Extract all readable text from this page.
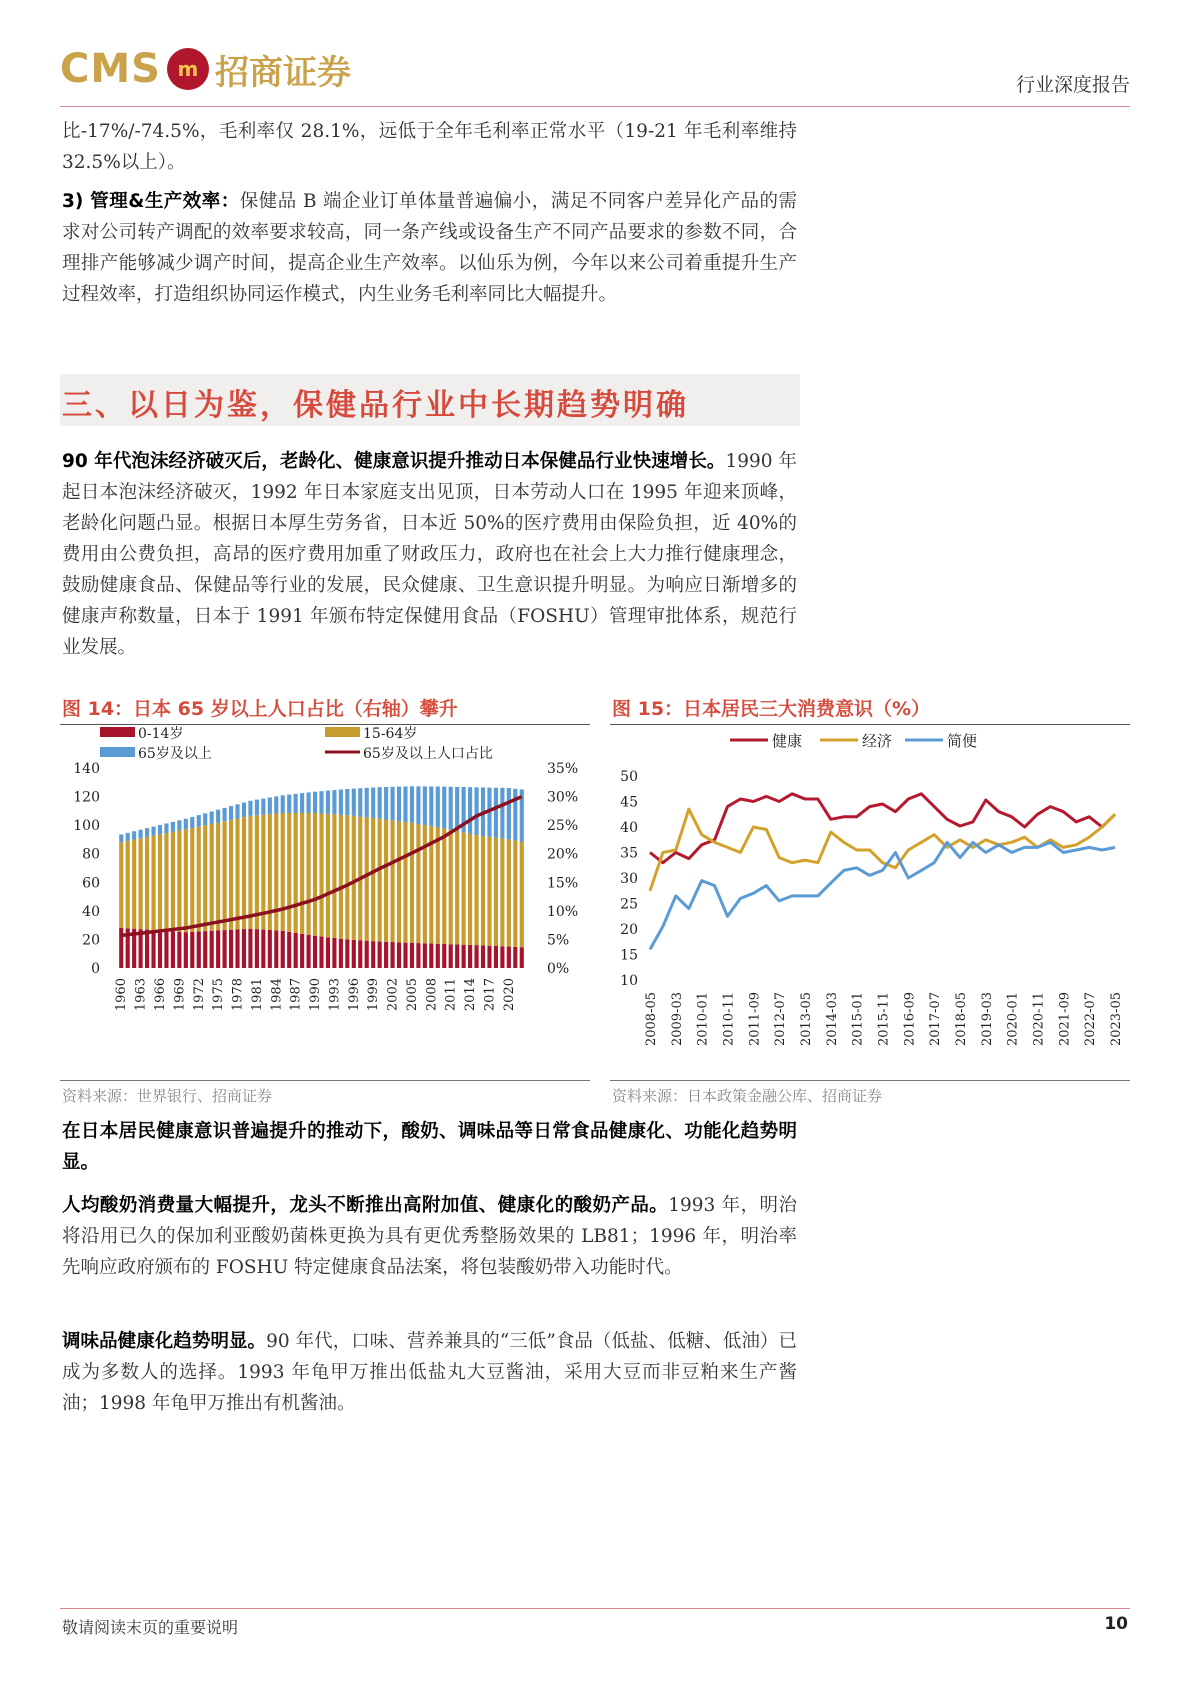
CMS m 招商证券	行业深度报告
比-17%/-74.5%，毛利率仅 28.1%，远低于全年毛利率正常水平（19-21 年毛利率维持 32.5%以上）。
3) 管理&生产效率：保健品 B 端企业订单体量普遍偏小，满足不同客户差异化产品的需求对公司转产调配的效率要求较高，同一条产线或设备生产不同产品要求的参数不同，合理排产能够减少调产时间，提高企业生产效率。以仙乐为例，今年以来公司着重提升生产过程效率，打造组织协同运作模式，内生业务毛利率同比大幅提升。
三、以日为鉴，保健品行业中长期趋势明确
90 年代泡沫经济破灭后，老龄化、健康意识提升推动日本保健品行业快速增长。1990 年起日本泡沫经济破灭，1992 年日本家庭支出见顶，日本劳动人口在 1995 年迎来顶峰，老龄化问题凸显。根据日本厚生劳务省，日本近 50%的医疗费用由保险负担，近 40%的费用由公费负担，高昂的医疗费用加重了财政压力，政府也在社会上大力推行健康理念，鼓励健康食品、保健品等行业的发展，民众健康、卫生意识提升明显。为响应日渐增多的健康声称数量，日本于 1991 年颁布特定保健用食品（FOSHU）管理审批体系，规范行业发展。
图 14：日本 65 岁以上人口占比（右轴）攀升
0-14岁	15-64岁
65岁及以上	65岁及以上人口占比
0
20
40
60
80
100
120
140
0%
5%
10%
15%
20%
25%
30%
35%
1960 1963 1966 1969 1972 1975 1978 1981 1984 1987 1990 1993 1996 1999 2002 2005 2008 2011 2014 2017 2020
资料来源：世界银行、招商证券
图 15：日本居民三大消费意识（%）
健康	经济	简便
10
15
20
25
30
35
40
45
50
2008-05 2009-03 2010-01 2010-11 2011-09 2012-07 2013-05 2014-03 2015-01 2015-11 2016-09 2017-07 2018-05 2019-03 2020-01 2020-11 2021-09 2022-07 2023-05
资料来源：日本政策金融公库、招商证券
在日本居民健康意识普遍提升的推动下，酸奶、调味品等日常食品健康化、功能化趋势明显。
人均酸奶消费量大幅提升，龙头不断推出高附加值、健康化的酸奶产品。1993 年，明治将沿用已久的保加利亚酸奶菌株更换为具有更优秀整肠效果的 LB81；1996 年，明治率先响应政府颁布的 FOSHU 特定健康食品法案，将包装酸奶带入功能时代。
调味品健康化趋势明显。90 年代，口味、营养兼具的“三低”食品（低盐、低糖、低油）已成为多数人的选择。1993 年龟甲万推出低盐丸大豆酱油，采用大豆而非豆粕来生产酱油；1998 年龟甲万推出有机酱油。
敬请阅读末页的重要说明	10
